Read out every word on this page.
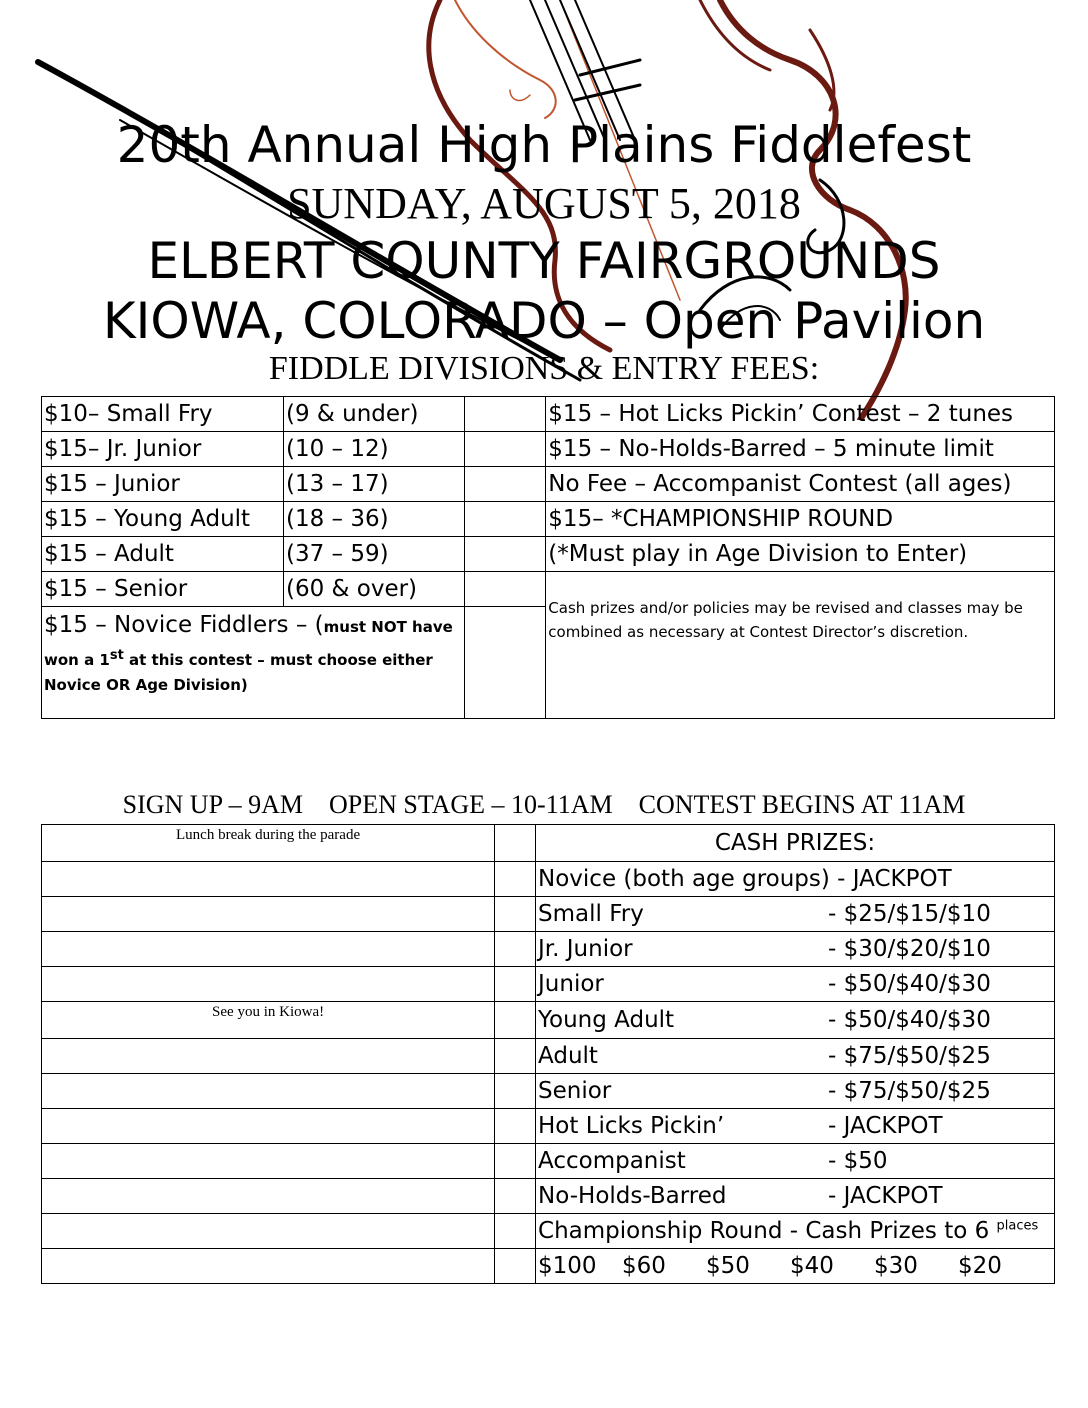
20th Annual High Plains Fiddlefest
SUNDAY, AUGUST 5, 2018
ELBERT COUNTY FAIRGROUNDS
KIOWA, COLORADO – Open Pavilion
FIDDLE DIVISIONS & ENTRY FEES:
$10– Small Fry	(9 & under)		$15 – Hot Licks Pickin’ Contest – 2 tunes
$15– Jr. Junior	(10 – 12)		$15 – No-Holds-Barred – 5 minute limit
$15 – Junior	(13 – 17)		No Fee – Accompanist Contest (all ages)
$15 – Young Adult	(18 – 36)		$15– *CHAMPIONSHIP ROUND
$15 – Adult	(37 – 59)		(*Must play in Age Division to Enter)
$15 – Senior	(60 & over)		Cash prizes and/or policies may be revised and classes may be combined as necessary at Contest Director’s discretion.

$15 – Novice Fiddlers – (must NOT have
won a 1st at this contest – must choose either
Novice OR Age Division)			

SIGN UP – 9AM    OPEN STAGE – 10-11AM    CONTEST BEGINS AT 11AM
Lunch break during the parade		CASH PRIZES:
		Novice (both age groups) - JACKPOT
		Small Fry - $25/$15/$10
		Jr. Junior - $30/$20/$10
		Junior - $50/$40/$30
See you in Kiowa!		Young Adult - $50/$40/$30
		Adult - $75/$50/$25
		Senior - $75/$50/$25
		Hot Licks Pickin’ - JACKPOT
		Accompanist - $50
		No-Holds-Barred - JACKPOT
		Championship Round - Cash Prizes to 6 $^{places}$
		$100 $60 $50 $40 $30 $20
